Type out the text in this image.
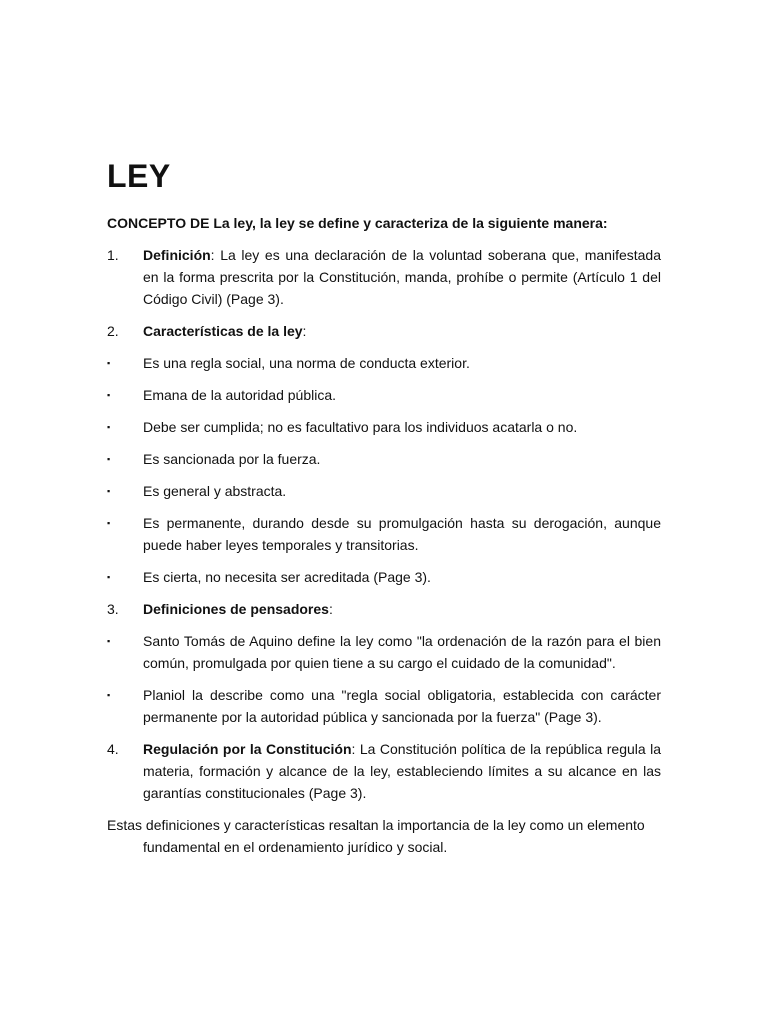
LEY

CONCEPTO DE La ley, la ley se define y caracteriza de la siguiente manera:

1.	Definición: La ley es una declaración de la voluntad soberana que, manifestada en la forma prescrita por la Constitución, manda, prohíbe o permite (Artículo 1 del Código Civil) (Page 3).
2.	Características de la ley:
▪	Es una regla social, una norma de conducta exterior.
▪	Emana de la autoridad pública.
▪	Debe ser cumplida; no es facultativo para los individuos acatarla o no.
▪	Es sancionada por la fuerza.
▪	Es general y abstracta.
▪	Es permanente, durando desde su promulgación hasta su derogación, aunque puede haber leyes temporales y transitorias.
▪	Es cierta, no necesita ser acreditada (Page 3).
3.	Definiciones de pensadores:
▪	Santo Tomás de Aquino define la ley como "la ordenación de la razón para el bien común, promulgada por quien tiene a su cargo el cuidado de la comunidad".
▪	Planiol la describe como una "regla social obligatoria, establecida con carácter permanente por la autoridad pública y sancionada por la fuerza" (Page 3).
4.	Regulación por la Constitución: La Constitución política de la república regula la materia, formación y alcance de la ley, estableciendo límites a su alcance en las garantías constitucionales (Page 3).

Estas definiciones y características resaltan la importancia de la ley como un elemento fundamental en el ordenamiento jurídico y social.
